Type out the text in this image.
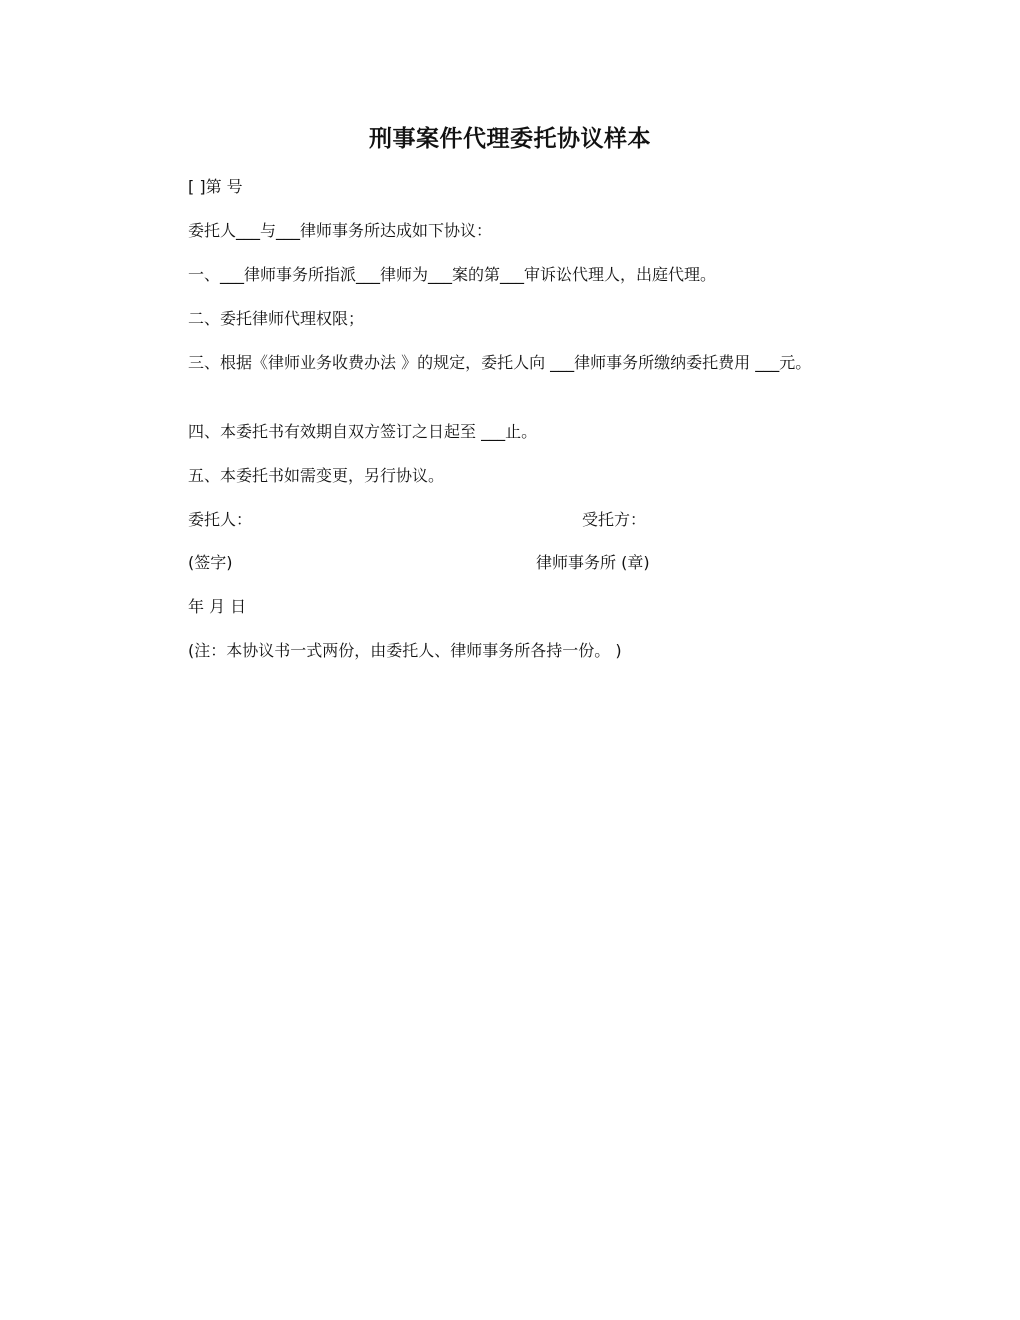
刑事案件代理委托协议样本
[ ]第 号
委托人___与___律师事务所达成如下协议：
一、___律师事务所指派___律师为___案的第___审诉讼代理人，出庭代理。
二、委托律师代理权限；
三、根据《律师业务收费办法 》的规定，委托人向 ___律师事务所缴纳委托费用 ___元。
四、本委托书有效期自双方签订之日起至 ___止。
五、本委托书如需变更，另行协议。
委托人：	受托方：
(签字)	律师事务所 (章)
年 月 日
(注：本协议书一式两份，由委托人、律师事务所各持一份。 )
